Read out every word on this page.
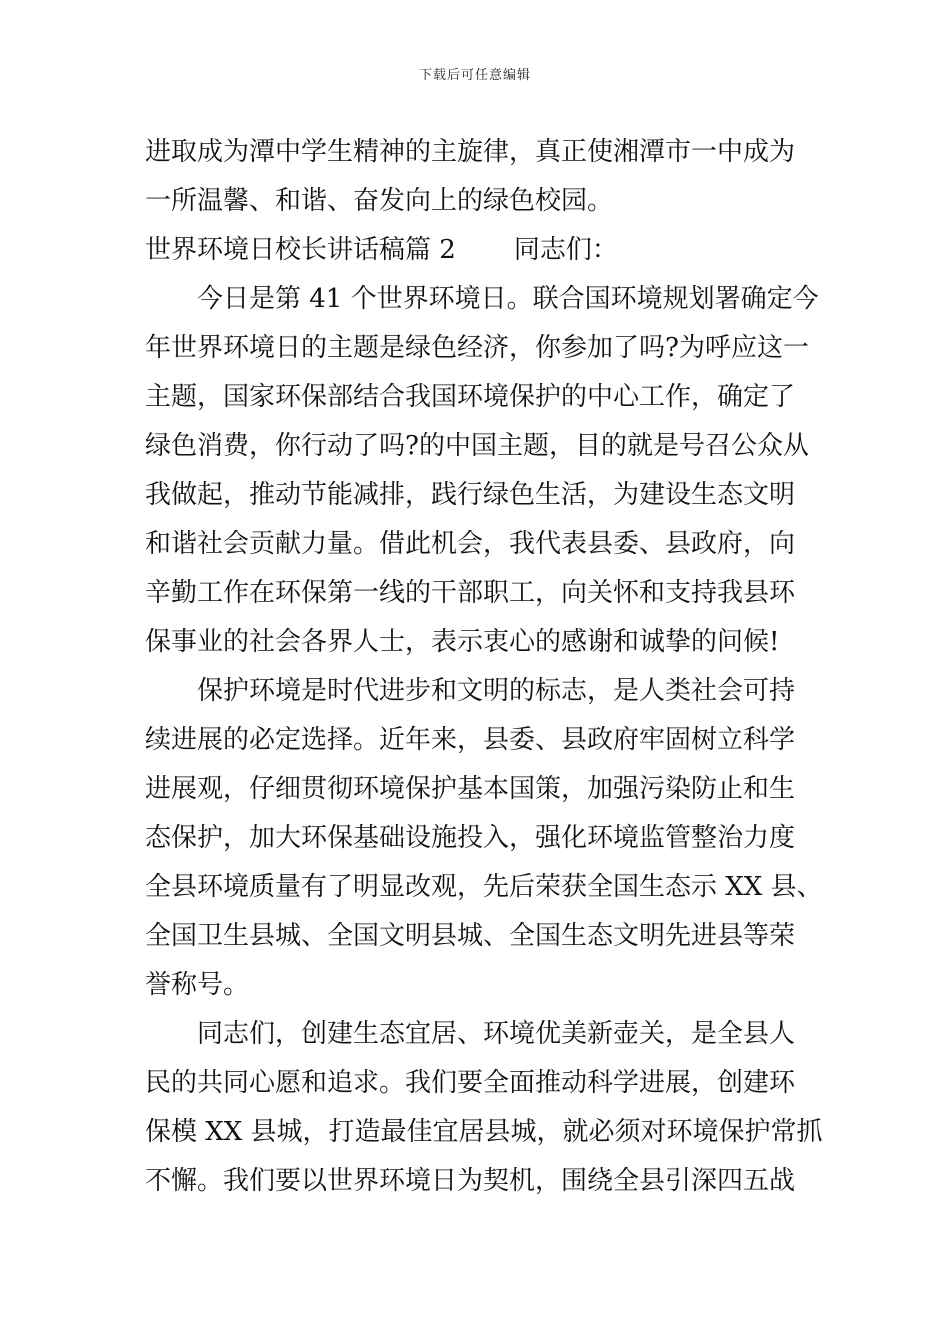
下载后可任意编辑
进取成为潭中学生精神的主旋律，真正使湘潭市一中成为
一所温馨、和谐、奋发向上的绿色校园。
世界环境日校长讲话稿篇 2 同志们：
今日是第 41 个世界环境日。联合国环境规划署确定今
年世界环境日的主题是绿色经济，你参加了吗?为呼应这一
主题，国家环保部结合我国环境保护的中心工作，确定了
绿色消费，你行动了吗?的中国主题，目的就是号召公众从
我做起，推动节能减排，践行绿色生活，为建设生态文明
和谐社会贡献力量。借此机会，我代表县委、县政府，向
辛勤工作在环保第一线的干部职工，向关怀和支持我县环
保事业的社会各界人士，表示衷心的感谢和诚挚的问候!
保护环境是时代进步和文明的标志，是人类社会可持
续进展的必定选择。近年来，县委、县政府牢固树立科学
进展观，仔细贯彻环境保护基本国策，加强污染防止和生
态保护，加大环保基础设施投入，强化环境监管整治力度
全县环境质量有了明显改观，先后荣获全国生态示 XX 县、
全国卫生县城、全国文明县城、全国生态文明先进县等荣
誉称号。
同志们，创建生态宜居、环境优美新壶关，是全县人
民的共同心愿和追求。我们要全面推动科学进展，创建环
保模 XX 县城，打造最佳宜居县城，就必须对环境保护常抓
不懈。我们要以世界环境日为契机，围绕全县引深四五战
